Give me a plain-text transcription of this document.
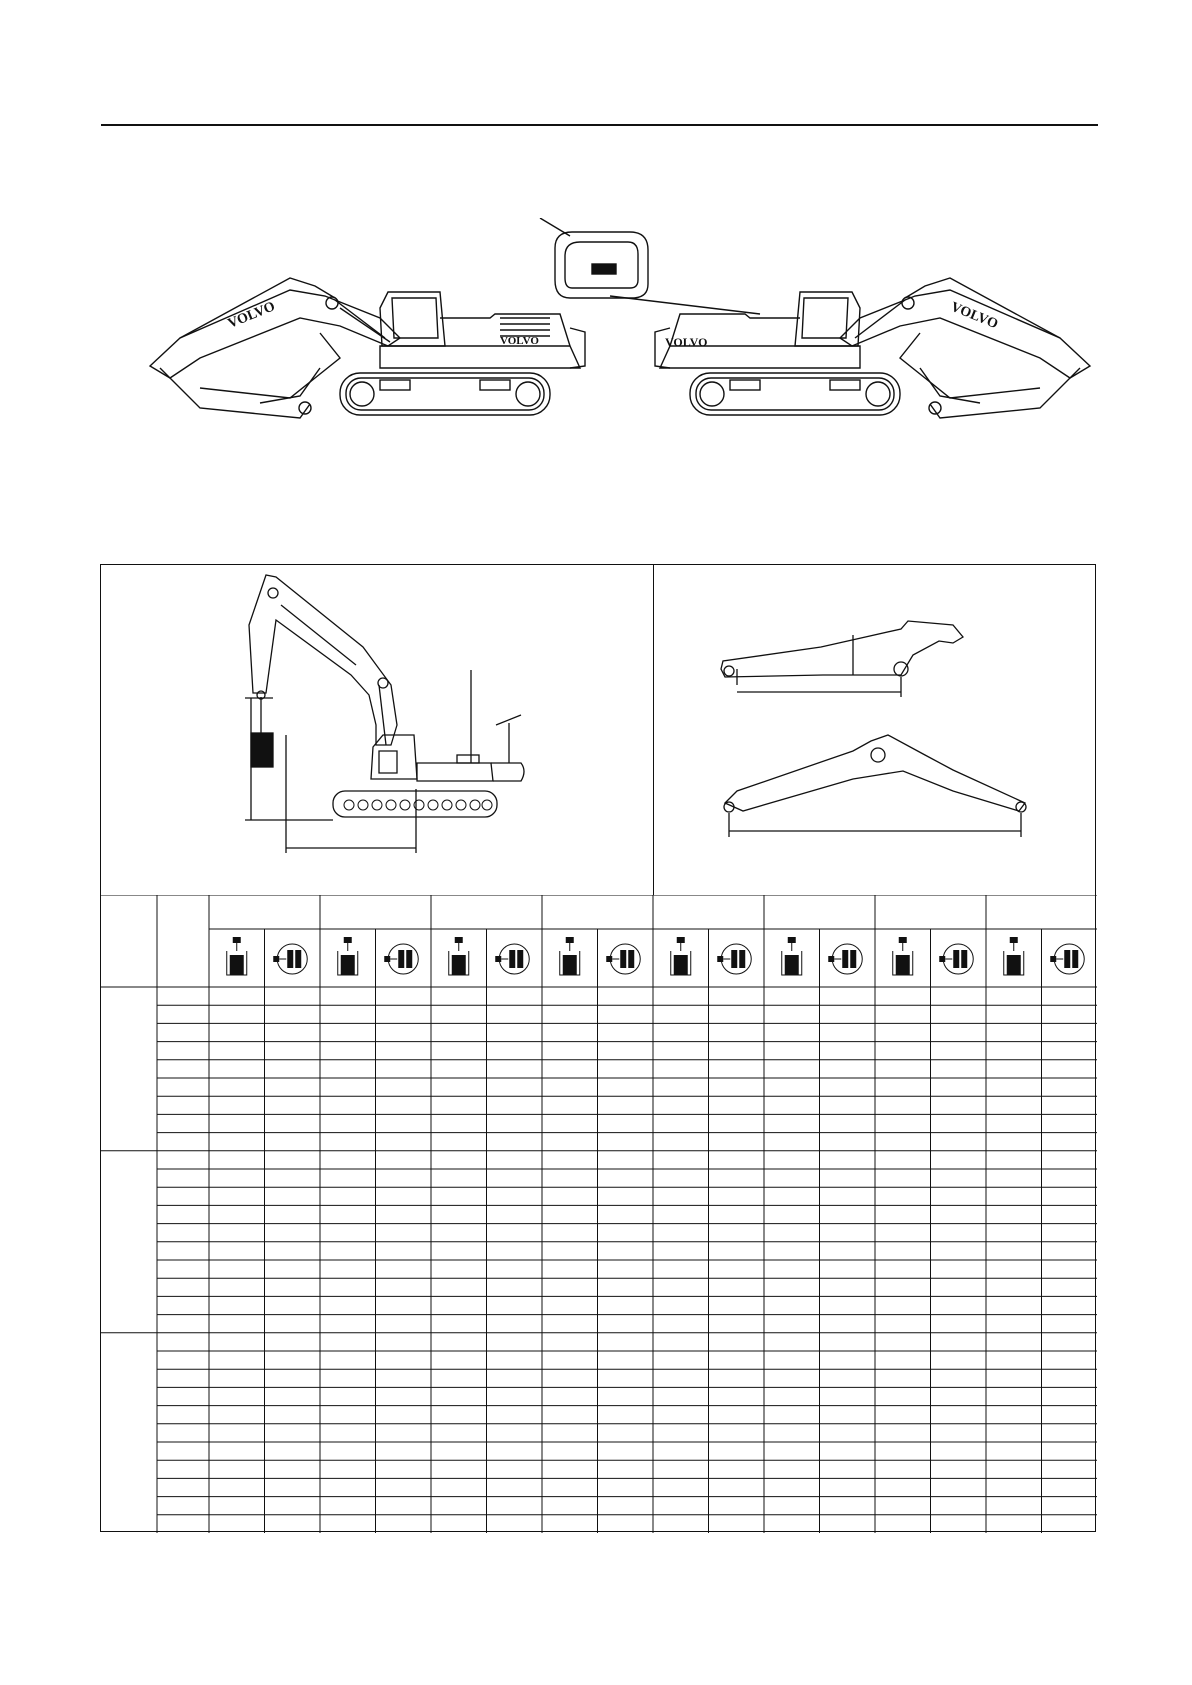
VOLVO	VOLVO
VOLVO
VOLVO
